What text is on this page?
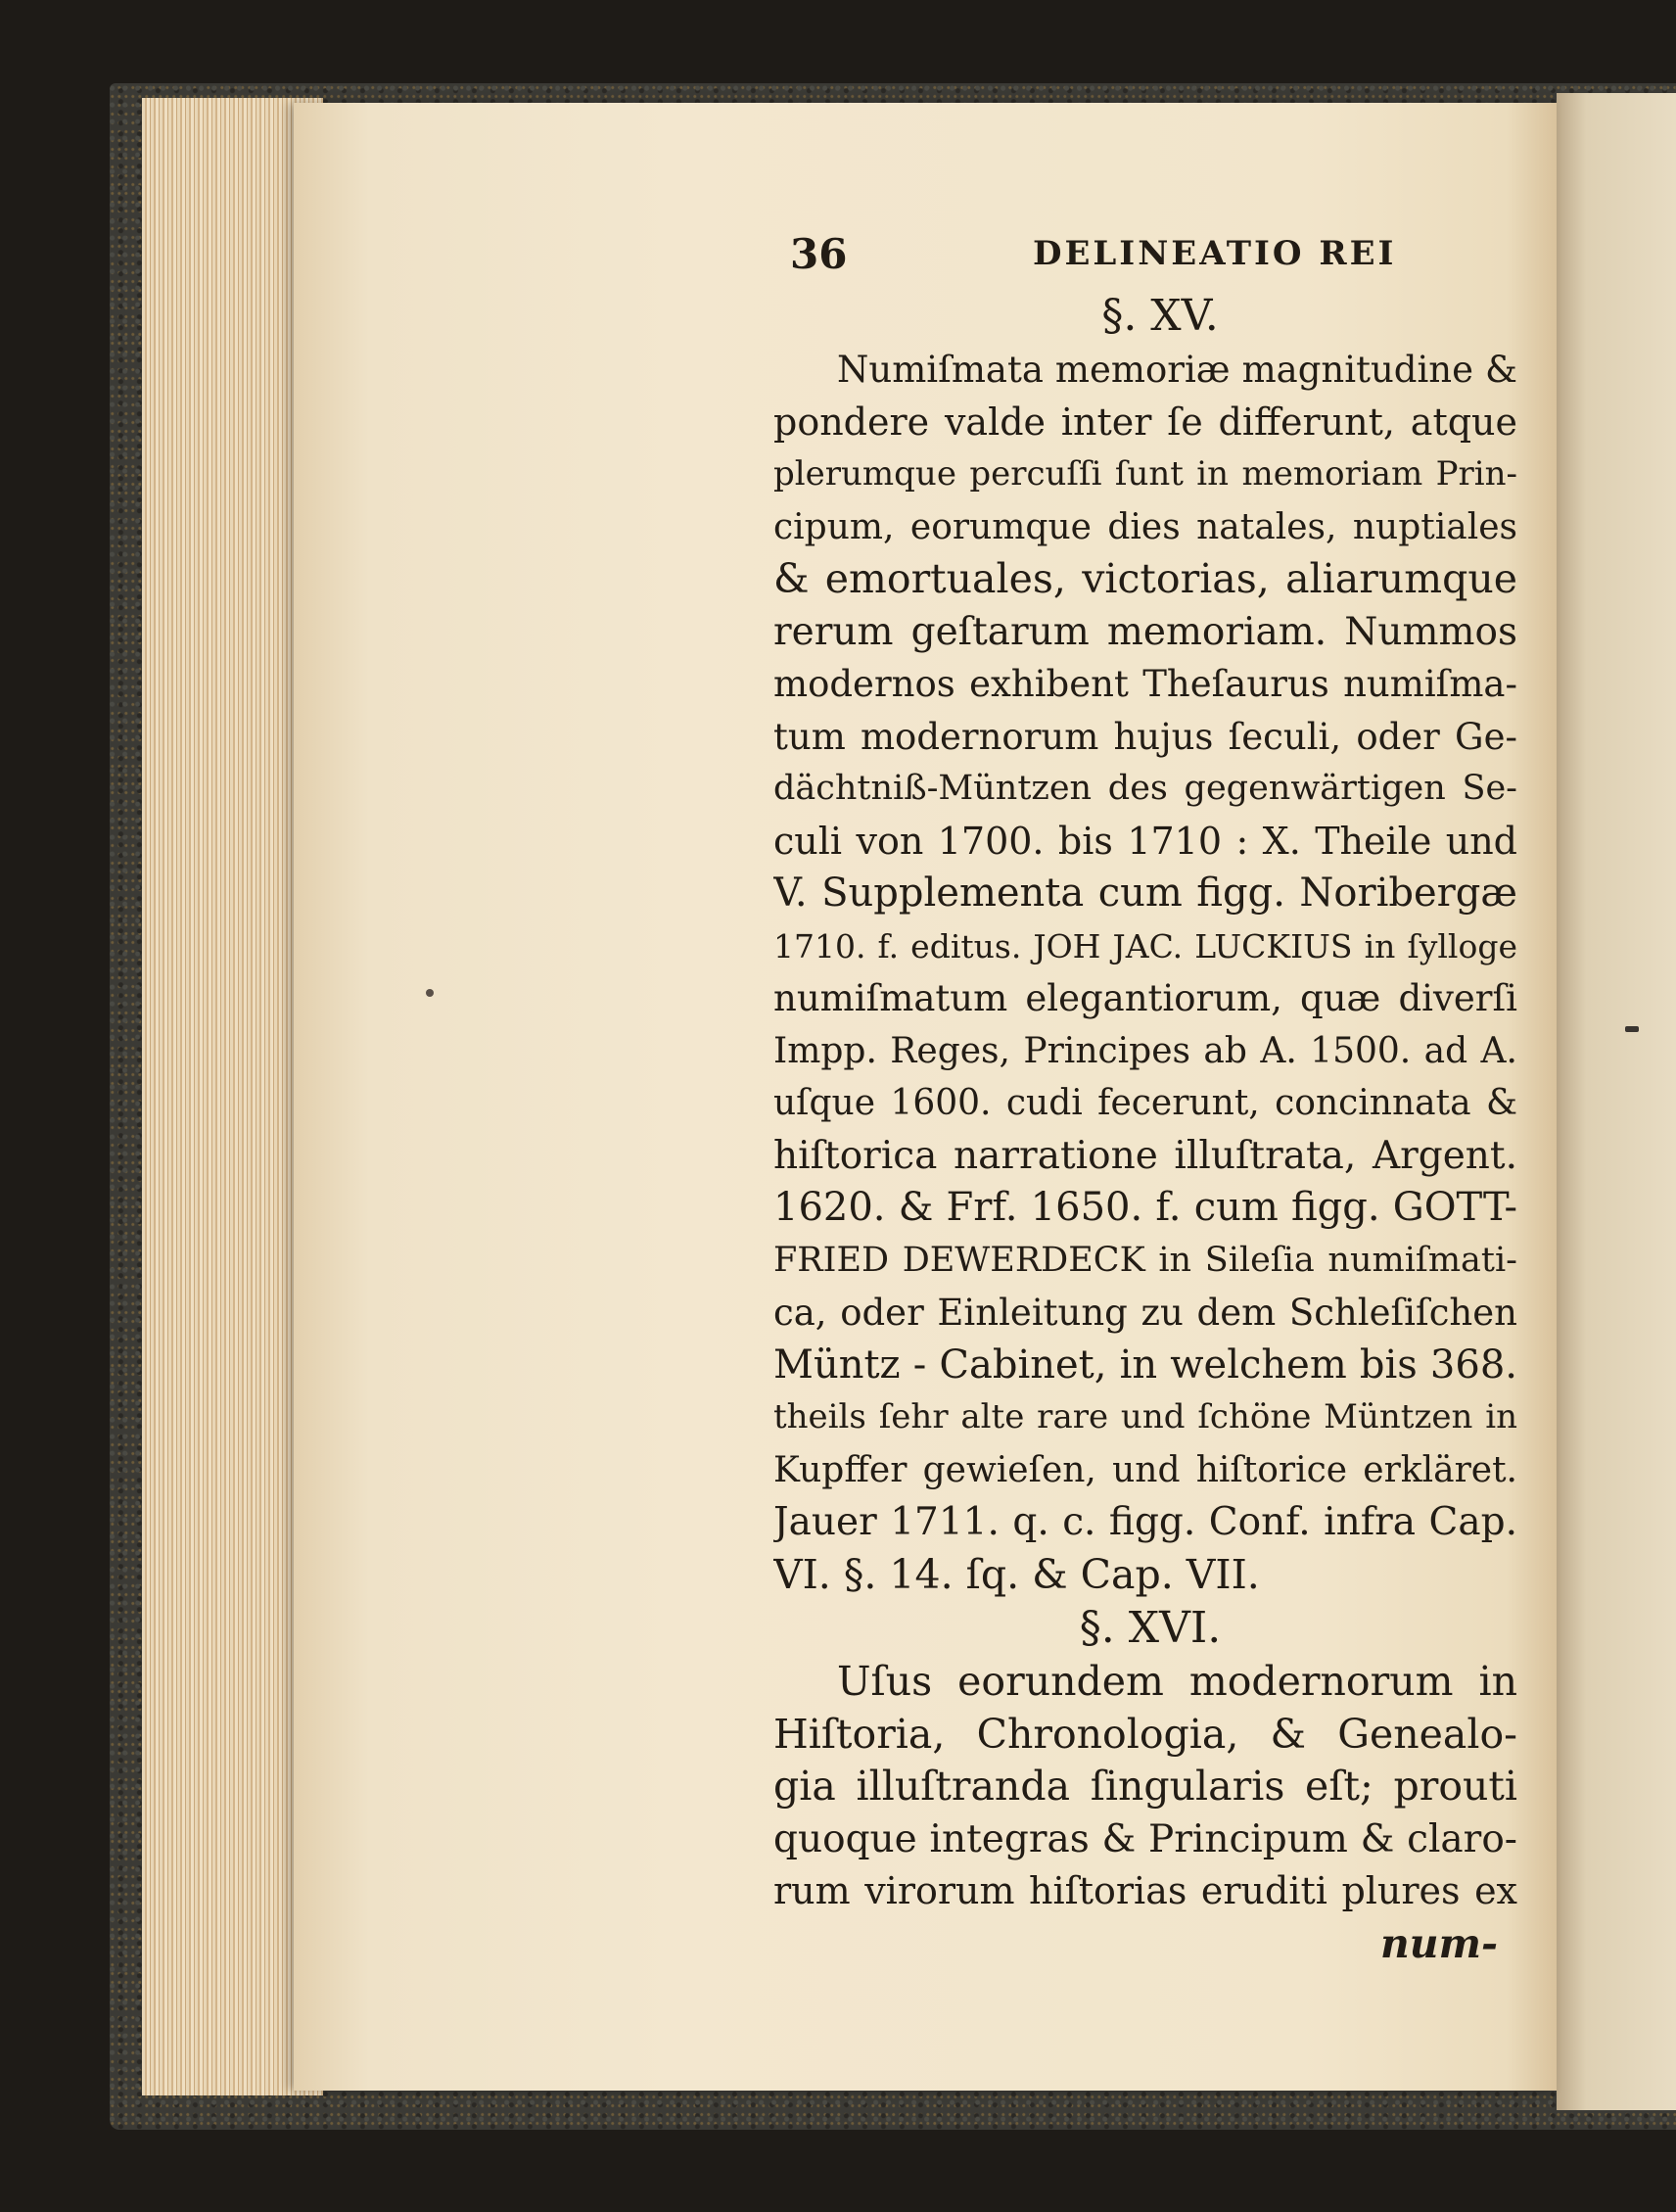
36	DELINEATIO REI
§. XV.
Numiſmata memoriæ magnitudine &
pondere valde inter ſe differunt, atque
plerumque percuſſi ſunt in memoriam Prin-
cipum, eorumque dies natales, nuptiales
& emortuales, victorias, aliarumque
rerum geſtarum memoriam. Nummos
modernos exhibent Theſaurus numiſma-
tum modernorum hujus ſeculi, oder Ge-
dächtniß-Müntzen des gegenwärtigen Se-
culi von 1700. bis 1710 : X. Theile und
V. Supplementa cum figg. Noribergæ
1710. f. editus. JOH JAC. LUCKIUS in ſylloge
numiſmatum elegantiorum, quæ diverſi
Impp. Reges, Principes ab A. 1500. ad A.
uſque 1600. cudi fecerunt, concinnata &
hiſtorica narratione illuſtrata, Argent.
1620. & Frf. 1650. f. cum figg. GOTT-
FRIED DEWERDECK in Sileſia numiſmati-
ca, oder Einleitung zu dem Schleſiſchen
Müntz - Cabinet, in welchem bis 368.
theils ſehr alte rare und ſchöne Müntzen in
Kupffer gewieſen, und hiſtorice erkläret.
Jauer 1711. q. c. figg. Conf. infra Cap.
VI. §. 14. ſq. & Cap. VII.
§. XVI.
Uſus eorundem modernorum in
Hiſtoria, Chronologia, & Genealo-
gia illuſtranda ſingularis eſt; prouti
quoque integras & Principum & claro-
rum virorum hiſtorias eruditi plures ex
num-
